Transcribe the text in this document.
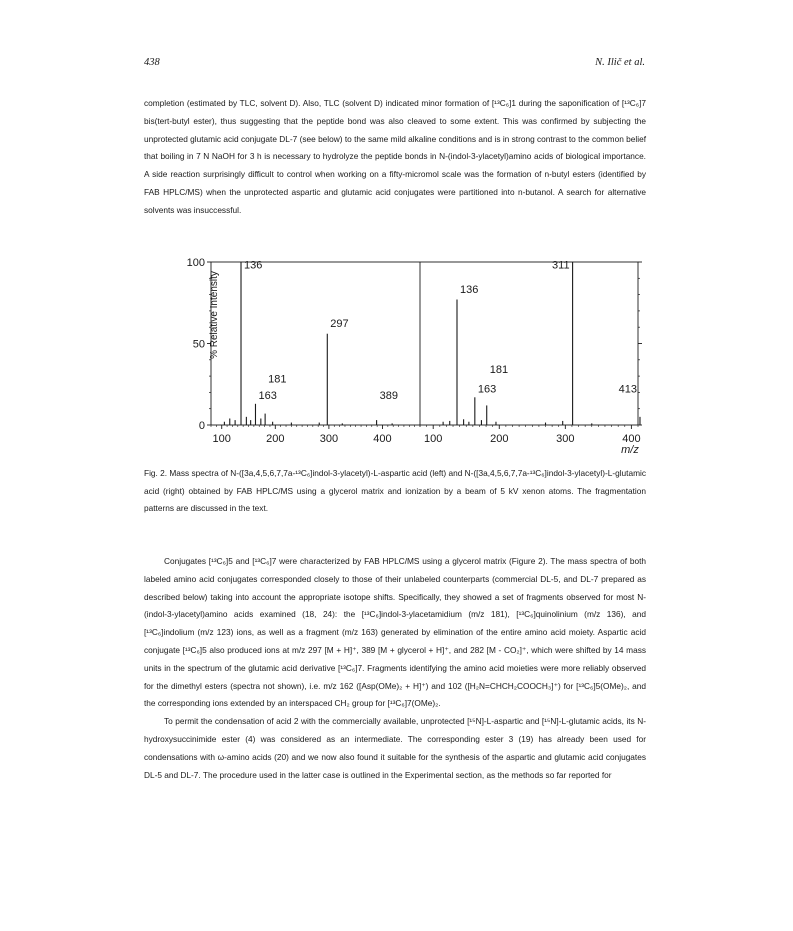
438	N. Ilič et al.

completion (estimated by TLC, solvent D). Also, TLC (solvent D) indicated minor formation of [¹³C₆]1 during the saponification of [¹³C₆]7 bis(tert-butyl ester), thus suggesting that the peptide bond was also cleaved to some extent. This was confirmed by subjecting the unprotected glutamic acid conjugate DL-7 (see below) to the same mild alkaline conditions and is in strong contrast to the common belief that boiling in 7 N NaOH for 3 h is necessary to hydrolyze the peptide bonds in N-(indol-3-ylacetyl)amino acids of biological importance. A side reaction surprisingly difficult to control when working on a fifty-micromol scale was the formation of n-butyl esters (identified by FAB HPLC/MS) when the unprotected aspartic and glutamic acid conjugates were partitioned into n-butanol. A search for alternative solvents was insuccessful.

0
50
100
100	200	300	400	100	200	300	400
136
297
181
163	389
311
136
181
163	413
% Relative Intensity
m/z
Fig. 2. Mass spectra of N-([3a,4,5,6,7,7a-¹³C₆]indol-3-ylacetyl)-L-aspartic acid (left) and N-([3a,4,5,6,7,7a-¹³C₆]indol-3-ylacetyl)-L-glutamic acid (right) obtained by FAB HPLC/MS using a glycerol matrix and ionization by a beam of 5 kV xenon atoms. The fragmentation patterns are discussed in the text.

Conjugates [¹³C₆]5 and [¹³C₆]7 were characterized by FAB HPLC/MS using a glycerol matrix (Figure 2). The mass spectra of both labeled amino acid conjugates corresponded closely to those of their unlabeled counterparts (commercial DL-5, and DL-7 prepared as described below) taking into account the appropriate isotope shifts. Specifically, they showed a set of fragments observed for most N-(indol-3-ylacetyl)amino acids examined (18, 24): the [¹³C₆]indol-3-ylacetamidium (m/z 181), [¹³C₆]quinolinium (m/z 136), and [¹³C₆]indolium (m/z 123) ions, as well as a fragment (m/z 163) generated by elimination of the entire amino acid moiety. Aspartic acid conjugate [¹³C₆]5 also produced ions at m/z 297 [M + H]⁺, 389 [M + glycerol + H]⁺, and 282 [M - CO₂]⁺, which were shifted by 14 mass units in the spectrum of the glutamic acid derivative [¹³C₆]7. Fragments identifying the amino acid moieties were more reliably observed for the dimethyl esters (spectra not shown), i.e. m/z 162 ([Asp(OMe)₂ + H]⁺) and 102 ([H₂N=CHCH₂COOCH₃]⁺) for [¹³C₆]5(OMe)₂, and the corresponding ions extended by an interspaced CH₂ group for [¹³C₆]7(OMe)₂.

To permit the condensation of acid 2 with the commercially available, unprotected [¹⁵N]-L-aspartic and [¹⁵N]-L-glutamic acids, its N-hydroxysuccinimide ester (4) was considered as an intermediate. The corresponding ester 3 (19) has already been used for condensations with ω-amino acids (20) and we now also found it suitable for the synthesis of the aspartic and glutamic acid conjugates DL-5 and DL-7. The procedure used in the latter case is outlined in the Experimental section, as the methods so far reported for
